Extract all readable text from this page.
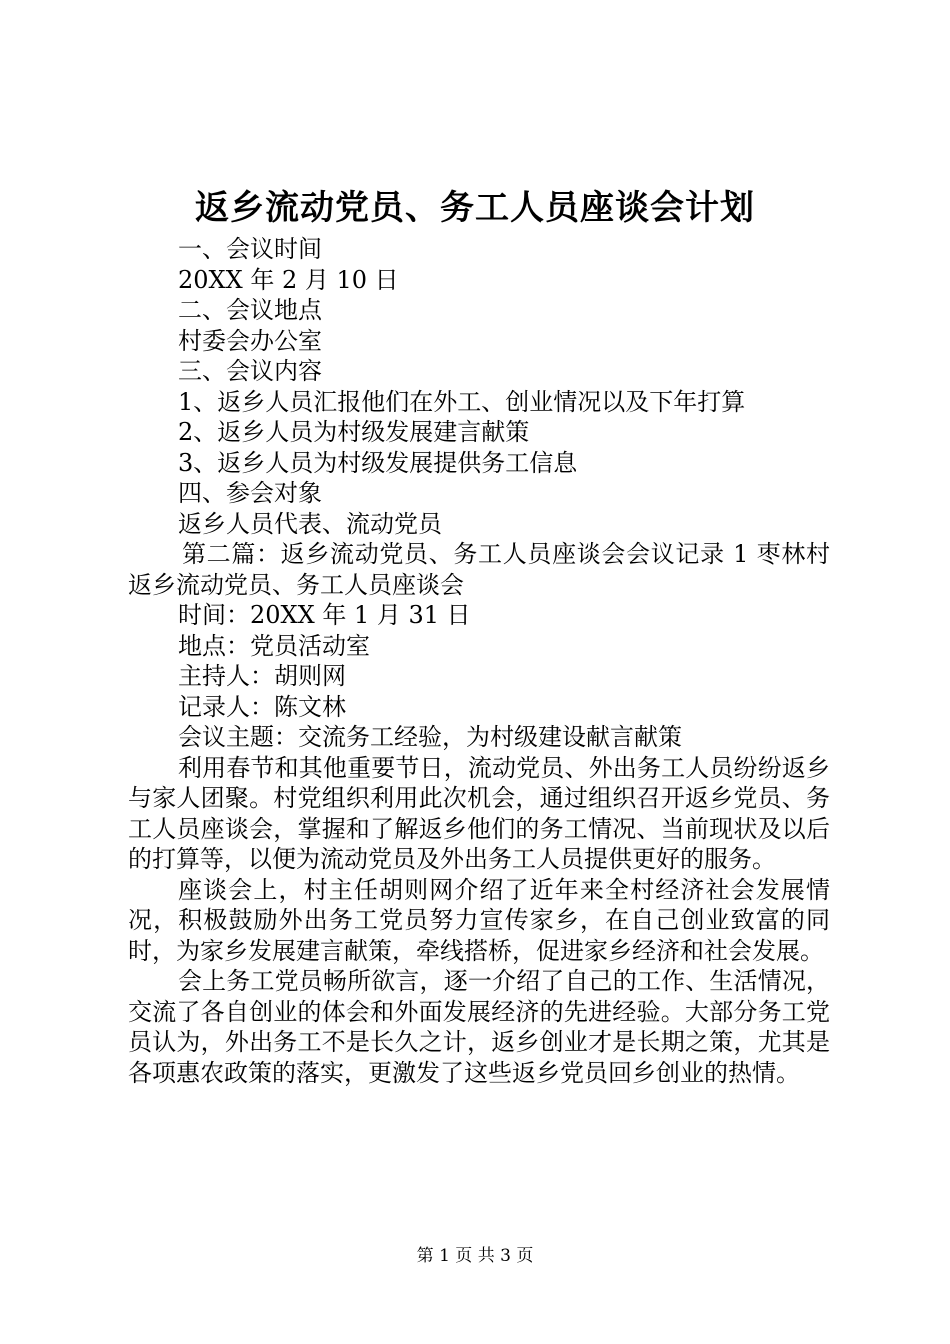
返乡流动党员、务工人员座谈会计划
一、会议时间
20XX 年 2 月 10 日
二、会议地点
村委会办公室
三、会议内容
1、返乡人员汇报他们在外工、创业情况以及下年打算
2、返乡人员为村级发展建言献策
3、返乡人员为村级发展提供务工信息
四、参会对象
返乡人员代表、流动党员
第二篇：返乡流动党员、务工人员座谈会会议记录 1 枣林村返乡流动党员、务工人员座谈会
时间：20XX 年 1 月 31 日
地点：党员活动室
主持人：胡则网
记录人：陈文林
会议主题：交流务工经验，为村级建设献言献策
利用春节和其他重要节日，流动党员、外出务工人员纷纷返乡与家人团聚。村党组织利用此次机会，通过组织召开返乡党员、务工人员座谈会，掌握和了解返乡他们的务工情况、当前现状及以后的打算等，以便为流动党员及外出务工人员提供更好的服务。
座谈会上，村主任胡则网介绍了近年来全村经济社会发展情况，积极鼓励外出务工党员努力宣传家乡，在自己创业致富的同时，为家乡发展建言献策，牵线搭桥，促进家乡经济和社会发展。
会上务工党员畅所欲言，逐一介绍了自己的工作、生活情况，交流了各自创业的体会和外面发展经济的先进经验。大部分务工党员认为，外出务工不是长久之计，返乡创业才是长期之策，尤其是各项惠农政策的落实，更激发了这些返乡党员回乡创业的热情。
第 1 页 共 3 页
